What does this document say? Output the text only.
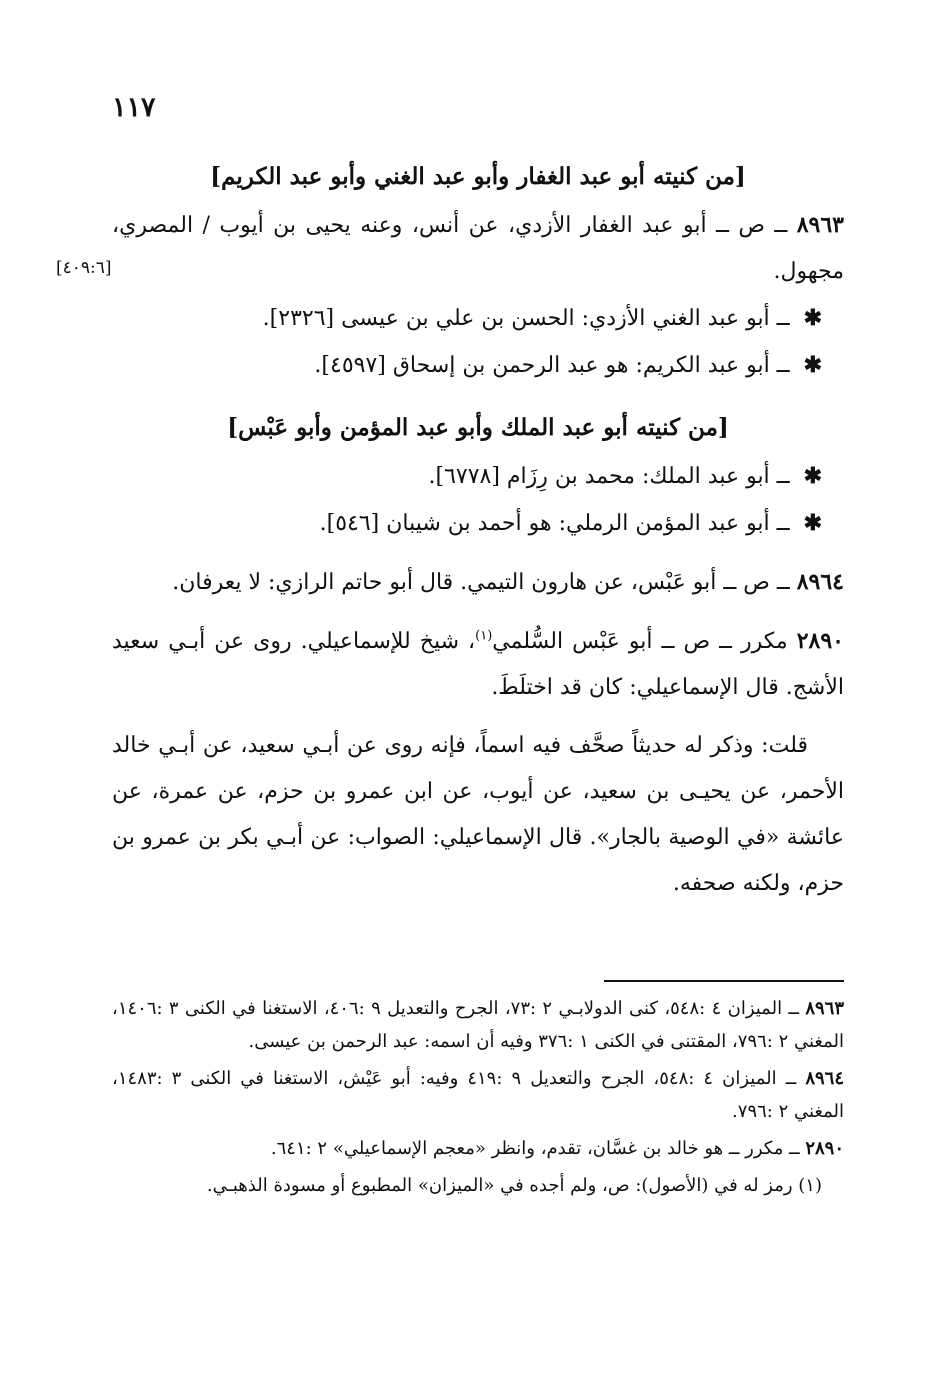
١١٧
[٤٠٩:٦]
[من كنيته أبو عبد الغفار وأبو عبد الغني وأبو عبد الكريم]

٨٩٦٣ ــ ص ــ أبو عبد الغفار الأزدي، عن أنس، وعنه يحيى بن أيوب / المصري، مجهول.

✱ــ أبو عبد الغني الأزدي: الحسن بن علي بن عيسى [٢٣٢٦].
✱ــ أبو عبد الكريم: هو عبد الرحمن بن إسحاق [٤٥٩٧].
[من كنيته أبو عبد الملك وأبو عبد المؤمن وأبو عَبْس]
✱ــ أبو عبد الملك: محمد بن رِزَام [٦٧٧٨].
✱ــ أبو عبد المؤمن الرملي: هو أحمد بن شيبان [٥٤٦].

٨٩٦٤ ــ ص ــ أبو عَبْس، عن هارون التيمي. قال أبو حاتم الرازي: لا يعرفان.

٢٨٩٠ مكرر ــ ص ــ أبو عَبْس السُّلمي$^{(١)}$، شيخ للإسماعيلي. روى عن أبـي سعيد الأشج. قال الإسماعيلي: كان قد اختلَطَ.

قلت: وذكر له حديثاً صحَّف فيه اسماً، فإنه روى عن أبـي سعيد، عن أبـي خالد الأحمر، عن يحيـى بن سعيد، عن أيوب، عن ابن عمرو بن حزم، عن عمرة، عن عائشة «في الوصية بالجار». قال الإسماعيلي: الصواب: عن أبـي بكر بن عمرو بن حزم، ولكنه صحفه.

٨٩٦٣ ــ الميزان ٤ :٥٤٨، كنى الدولابـي ٢ :٧٣، الجرح والتعديل ٩ :٤٠٦، الاستغنا في الكنى ٣ :١٤٠٦، المغني ٢ :٧٩٦، المقتنى في الكنى ١ :٣٧٦ وفيه أن اسمه: عبد الرحمن بن عيسى.

٨٩٦٤ ــ الميزان ٤ :٥٤٨، الجرح والتعديل ٩ :٤١٩ وفيه: أبو عَيْش، الاستغنا في الكنى ٣ :١٤٨٣، المغني ٢ :٧٩٦.

٢٨٩٠ ــ مكرر ــ هو خالد بن غسَّان، تقدم، وانظر «معجم الإسماعيلي» ٢ :٦٤١.

(١) رمز له في (الأصول): ص، ولم أجده في «الميزان» المطبوع أو مسودة الذهبـي.
